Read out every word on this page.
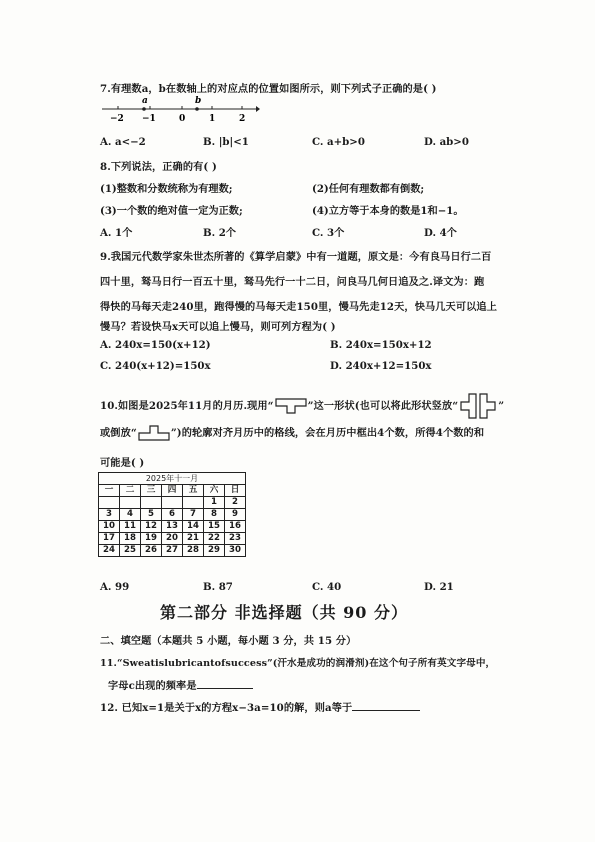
7.有理数a，b在数轴上的对应点的位置如图所示，则下列式子正确的是( )
a	b
−2 −1	0	1	2
A. a<−2	B. |b|<1	C. a+b>0	D. ab>0
8.下列说法，正确的有( )
(1)整数和分数统称为有理数;	(2)任何有理数都有倒数;
(3)一个数的绝对值一定为正数;	(4)立方等于本身的数是1和−1。
A. 1个	B. 2个	C. 3个	D. 4个
9.我国元代数学家朱世杰所著的《算学启蒙》中有一道题，原文是：今有良马日行二百
四十里，驽马日行一百五十里，驽马先行一十二日，问良马几何日追及之.译文为：跑
得快的马每天走240里，跑得慢的马每天走150里，慢马先走12天，快马几天可以追上
慢马？若设快马x天可以追上慢马，则可列方程为( )
A. 240x=150(x+12)	B. 240x=150x+12
C. 240(x+12)=150x	D. 240x+12=150x
10.如图是2025年11月的月历.现用“	”这一形状(也可以将此形状竖放“	”
或倒放“	”)的轮廓对齐月历中的格线，会在月历中框出4个数，所得4个数的和
可能是( )
2025年十一月						
一	二	三	四	五	六	日
					1	2
3	4	5	6	7	8	9
10	11	12	13	14	15	16
17	18	19	20	21	22	23
24	25	26	27	28	29	30
A. 99	B. 87	C. 40	D. 21
第二部分 非选择题（共 90 分）
二、填空题（本题共 5 小题，每小题 3 分，共 15 分）
11.“Sweatislubricantofsuccess”(汗水是成功的润滑剂)在这个句子所有英文字母中，
字母c出现的频率是
12. 已知x=1是关于x的方程x−3a=10的解，则a等于
